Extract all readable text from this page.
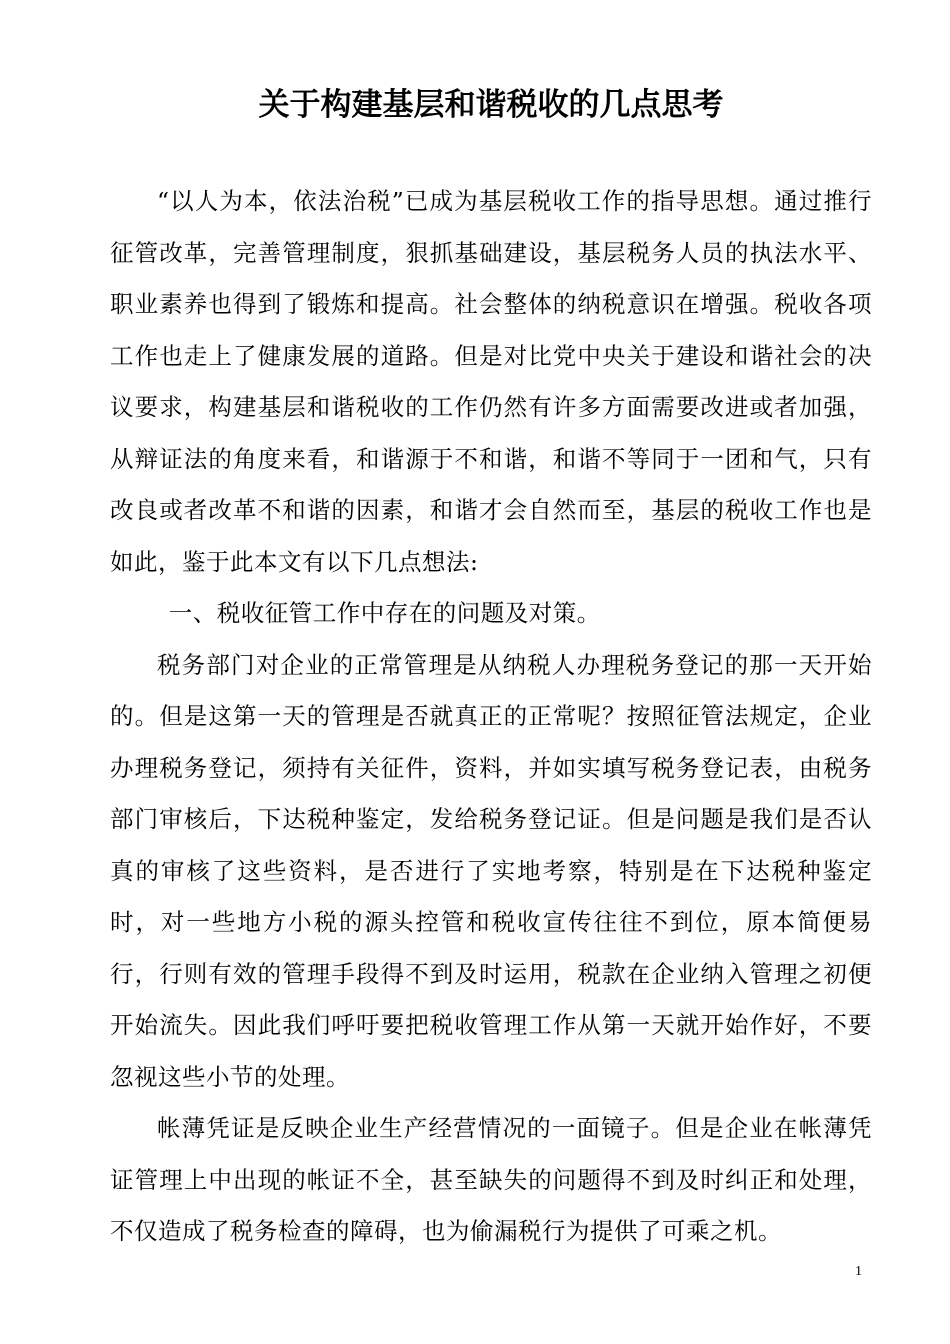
关于构建基层和谐税收的几点思考

“以人为本，依法治税”已成为基层税收工作的指导思想。通过推行征管改革，完善管理制度，狠抓基础建设，基层税务人员的执法水平、职业素养也得到了锻炼和提高。社会整体的纳税意识在增强。税收各项工作也走上了健康发展的道路。但是对比党中央关于建设和谐社会的决议要求，构建基层和谐税收的工作仍然有许多方面需要改进或者加强，从辩证法的角度来看，和谐源于不和谐，和谐不等同于一团和气，只有改良或者改革不和谐的因素，和谐才会自然而至，基层的税收工作也是如此，鉴于此本文有以下几点想法:

一、税收征管工作中存在的问题及对策。

税务部门对企业的正常管理是从纳税人办理税务登记的那一天开始的。但是这第一天的管理是否就真正的正常呢？按照征管法规定，企业办理税务登记，须持有关征件，资料，并如实填写税务登记表，由税务部门审核后，下达税种鉴定，发给税务登记证。但是问题是我们是否认真的审核了这些资料，是否进行了实地考察，特别是在下达税种鉴定时，对一些地方小税的源头控管和税收宣传往往不到位，原本简便易行，行则有效的管理手段得不到及时运用，税款在企业纳入管理之初便开始流失。因此我们呼吁要把税收管理工作从第一天就开始作好，不要忽视这些小节的处理。

帐薄凭证是反映企业生产经营情况的一面镜子。但是企业在帐薄凭证管理上中出现的帐证不全，甚至缺失的问题得不到及时纠正和处理，不仅造成了税务检查的障碍，也为偷漏税行为提供了可乘之机。

1
